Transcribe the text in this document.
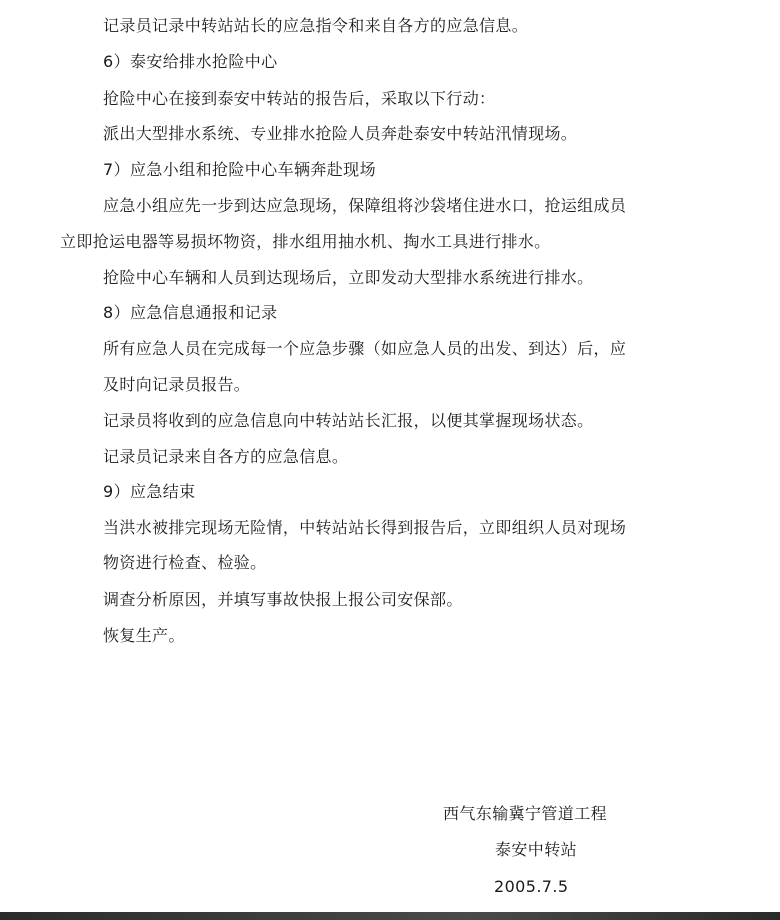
记录员记录中转站站长的应急指令和来自各方的应急信息。
6）泰安给排水抢险中心
抢险中心在接到泰安中转站的报告后，采取以下行动：
派出大型排水系统、专业排水抢险人员奔赴泰安中转站汛情现场。
7）应急小组和抢险中心车辆奔赴现场
应急小组应先一步到达应急现场，保障组将沙袋堵住进水口，抢运组成员
立即抢运电器等易损坏物资，排水组用抽水机、掏水工具进行排水。
抢险中心车辆和人员到达现场后，立即发动大型排水系统进行排水。
8）应急信息通报和记录
所有应急人员在完成每一个应急步骤（如应急人员的出发、到达）后，应
及时向记录员报告。
记录员将收到的应急信息向中转站站长汇报，以便其掌握现场状态。
记录员记录来自各方的应急信息。
9）应急结束
当洪水被排完现场无险情，中转站站长得到报告后，立即组织人员对现场
物资进行检查、检验。
调查分析原因，并填写事故快报上报公司安保部。
恢复生产。
西气东输冀宁管道工程
泰安中转站
2005.7.5
